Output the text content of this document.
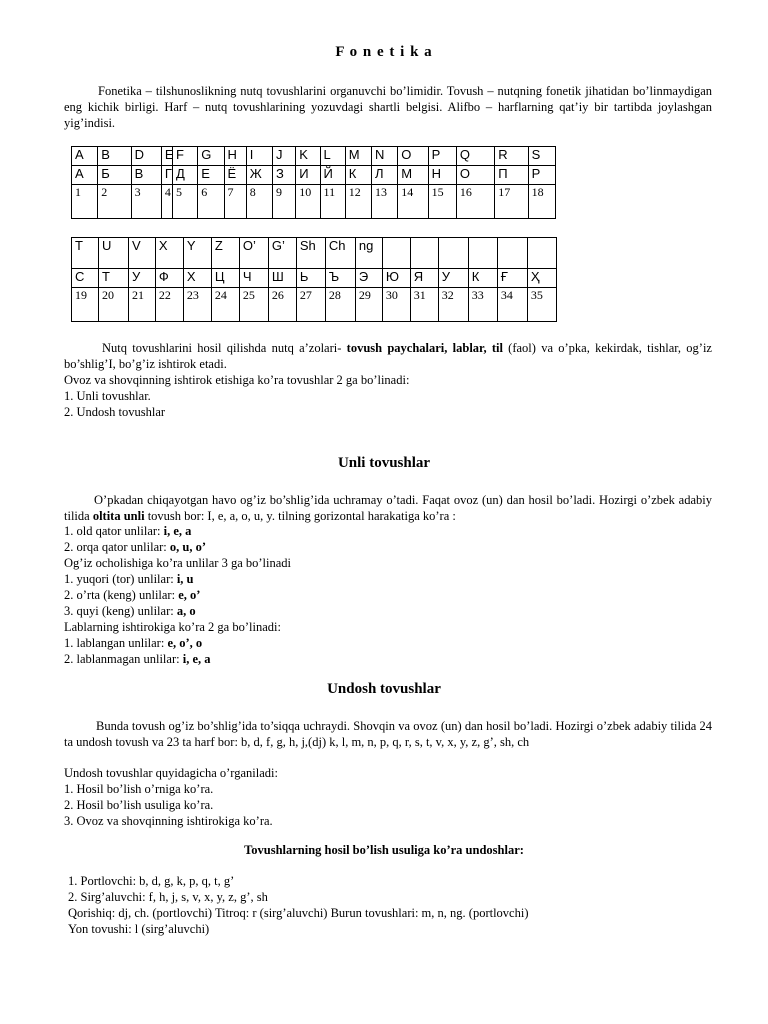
F o n e t i k a
Fonetika – tilshunoslikning nutq tovushlarini organuvchi bo’limidir. Tovush – nutqning fonetik jihatidan bo’linmaydigan eng kichik birligi. Harf – nutq tovushlarining yozuvdagi shartli belgisi. Alifbo – harflarning qat’iy bir tartibda joylashgan yig’indisi.
A	B	D	E	F	G	H	I	J	K	L	M	N	O	P	Q	R	S
А	Б	В	Г	Д	Е	Ё	Ж	З	И	Й	К	Л	М	Н	О	П	Р
1	2	3	4	5	6	7	8	9	10	11	12	13	14	15	16	17	18
T	U	V	X	Y	Z	O’	G’	Sh	Ch	ng						
С	Т	У	Ф	Х	Ц	Ч	Ш	Ь	Ъ	Э	Ю	Я	У	К	Ғ	Ҳ
19	20	21	22	23	24	25	26	27	28	29	30	31	32	33	34	35
Nutq tovushlarini hosil qilishda nutq a’zolari- tovush paychalari, lablar, til (faol) va o’pka, kekirdak, tishlar, og’iz bo’shlig’I, bo’g’iz ishtirok etadi.
Ovoz va shovqinning ishtirok etishiga ko’ra tovushlar 2 ga bo’linadi:
1. Unli tovushlar.
2. Undosh tovushlar
Unli tovushlar
O’pkadan chiqayotgan havo og’iz bo’shlig’ida uchramay o’tadi. Faqat ovoz (un) dan hosil bo’ladi. Hozirgi o’zbek adabiy tilida oltita unli tovush bor: I, e, a, o, u, y. tilning gorizontal harakatiga ko’ra :
1. old qator unlilar: i, e, a
2. orqa qator unlilar: o, u, o’
Og’iz ocholishiga ko’ra unlilar 3 ga bo’linadi
1. yuqori (tor) unlilar: i, u
2. o’rta (keng) unlilar: e, o’
3. quyi (keng) unlilar: a, o
Lablarning ishtirokiga ko’ra 2 ga bo’linadi:
1. lablangan unlilar: e, o’, o
2. lablanmagan unlilar: i, e, a
Undosh tovushlar
Bunda tovush og’iz bo’shlig’ida to’siqqa uchraydi. Shovqin va ovoz (un) dan hosil bo’ladi. Hozirgi o’zbek adabiy tilida 24 ta undosh tovush va 23 ta harf bor: b, d, f, g, h, j,(dj) k, l, m, n, p, q, r, s, t, v, x, y, z, g’, sh, ch
Undosh tovushlar quyidagicha o’rganiladi:
1. Hosil bo’lish o’rniga ko’ra.
2. Hosil bo’lish usuliga ko’ra.
3. Ovoz va shovqinning ishtirokiga ko’ra.
Tovushlarning hosil bo’lish usuliga ko’ra undoshlar:
1. Portlovchi: b, d, g, k, p, q, t, g’
2. Sirg’aluvchi: f, h, j, s, v, x, y, z, g’, sh
Qorishiq: dj, ch. (portlovchi) Titroq: r (sirg’aluvchi) Burun tovushlari: m, n, ng. (portlovchi)
Yon tovushi: l (sirg’aluvchi)
